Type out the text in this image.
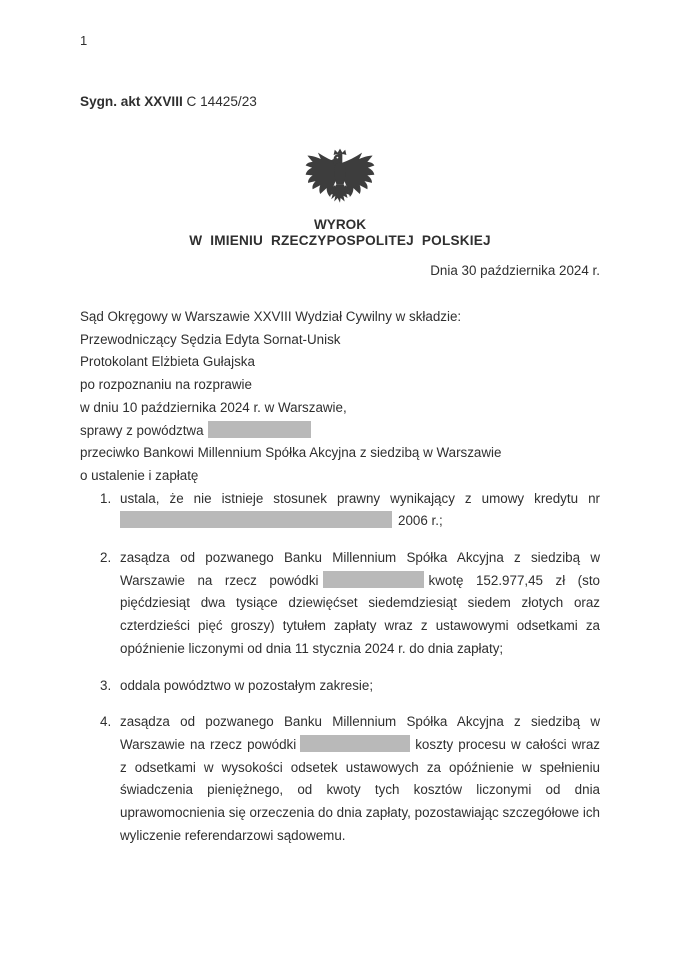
1
Sygn. akt XXVIII C 14425/23
WYROK
W IMIENIU RZECZYPOSPOLITEJ POLSKIEJ
Dnia 30 października 2024 r.
Sąd Okręgowy w Warszawie XXVIII Wydział Cywilny w składzie:
Przewodniczący Sędzia Edyta Sornat-Unisk
Protokolant Elżbieta Gułajska
po rozpoznaniu na rozprawie
w dniu 10 października 2024 r. w Warszawie,
sprawy z powództwa
przeciwko Bankowi Millennium Spółka Akcyjna z siedzibą w Warszawie
o ustalenie i zapłatę
1. ustala, że nie istnieje stosunek prawny wynikający z umowy kredytu nr 2006 r.;
2. zasądza od pozwanego Banku Millennium Spółka Akcyjna z siedzibą w Warszawie na rzecz powódki	kwotę 152.977,45 zł (sto pięćdziesiąt dwa tysiące dziewięćset siedemdziesiąt siedem złotych oraz czterdzieści pięć groszy) tytułem zapłaty wraz z ustawowymi odsetkami za opóźnienie liczonymi od dnia 11 stycznia 2024 r. do dnia zapłaty;
3. oddala powództwo w pozostałym zakresie;
4. zasądza od pozwanego Banku Millennium Spółka Akcyjna z siedzibą w Warszawie na rzecz powódki	koszty procesu w całości wraz z odsetkami w wysokości odsetek ustawowych za opóźnienie w spełnieniu świadczenia pieniężnego, od kwoty tych kosztów liczonymi od dnia uprawomocnienia się orzeczenia do dnia zapłaty, pozostawiając szczegółowe ich wyliczenie referendarzowi sądowemu.
